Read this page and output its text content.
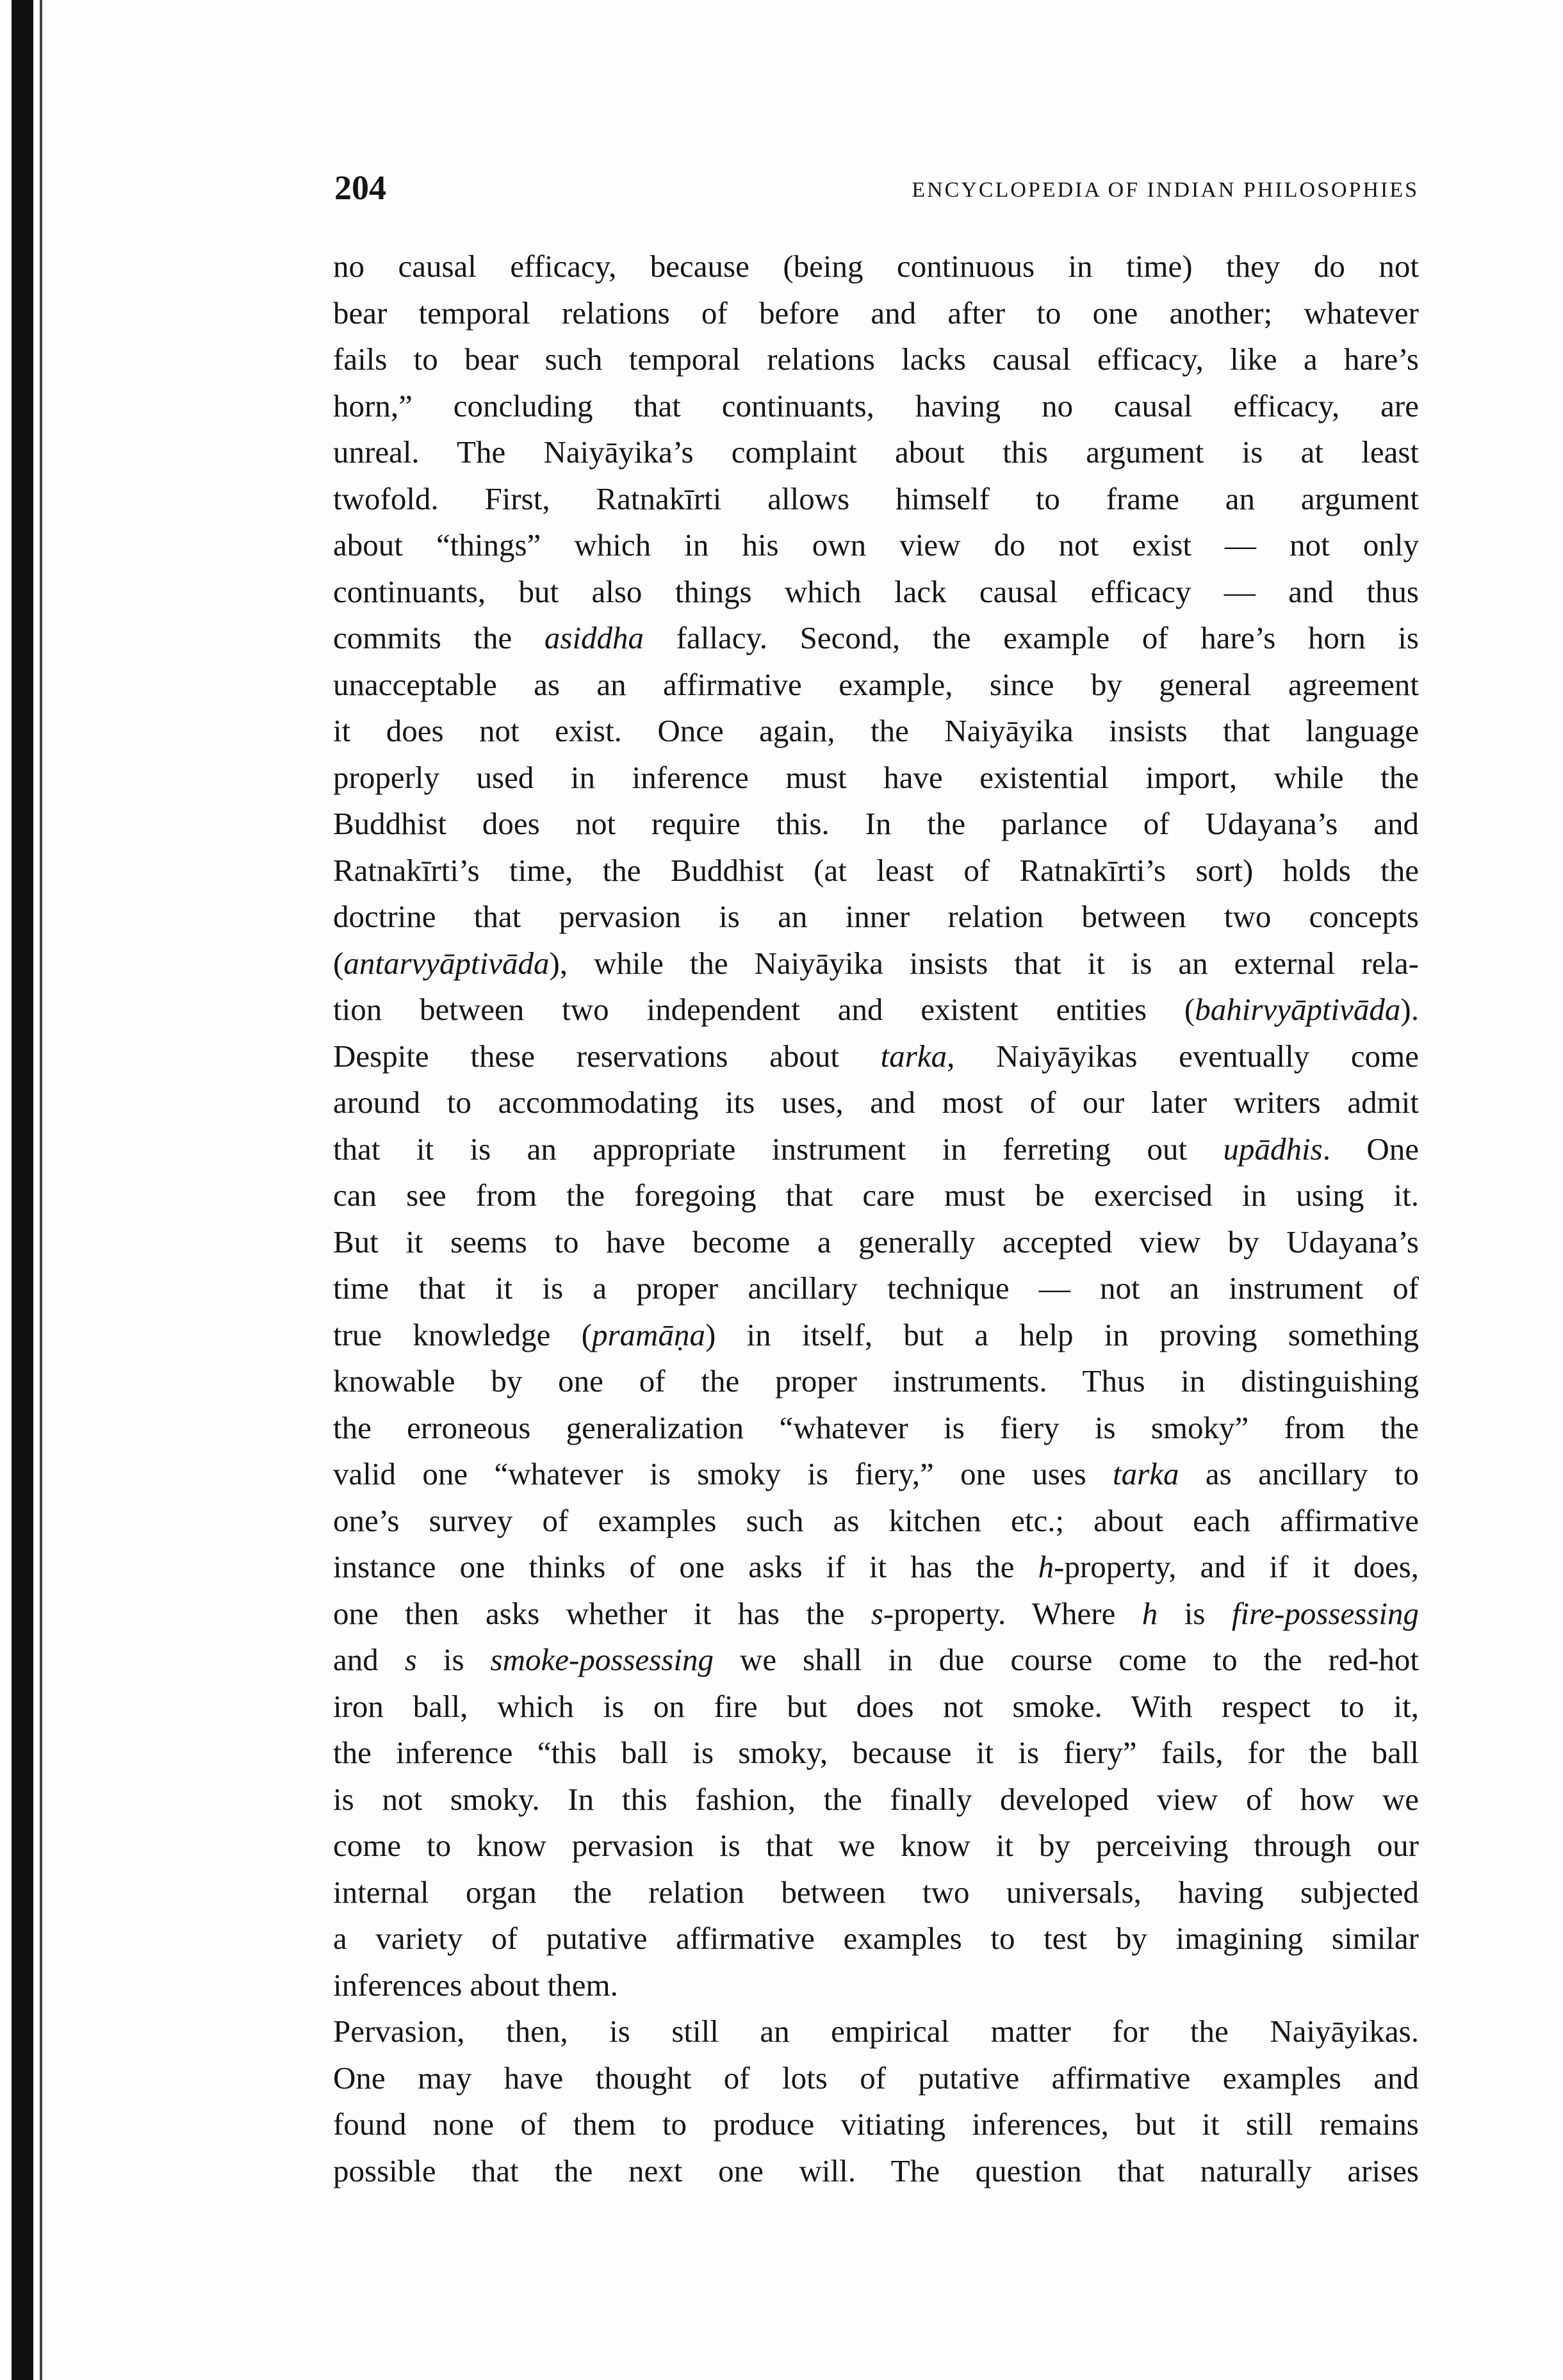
204	ENCYCLOPEDIA OF INDIAN PHILOSOPHIES
no causal efficacy, because (being continuous in time) they do not
bear temporal relations of before and after to one another; whatever
fails to bear such temporal relations lacks causal efficacy, like a hare’s
horn,” concluding that continuants, having no causal efficacy, are
unreal. The Naiyāyika’s complaint about this argument is at least
twofold. First, Ratnakīrti allows himself to frame an argument
about “things” which in his own view do not exist — not only
continuants, but also things which lack causal efficacy — and thus
commits the asiddha fallacy. Second, the example of hare’s horn is
unacceptable as an affirmative example, since by general agreement
it does not exist. Once again, the Naiyāyika insists that language
properly used in inference must have existential import, while the
Buddhist does not require this. In the parlance of Udayana’s and
Ratnakīrti’s time, the Buddhist (at least of Ratnakīrti’s sort) holds the
doctrine that pervasion is an inner relation between two concepts
(antarvyāptivāda), while the Naiyāyika insists that it is an external rela-
tion between two independent and existent entities (bahirvyāptivāda).
Despite these reservations about tarka, Naiyāyikas eventually come
around to accommodating its uses, and most of our later writers admit
that it is an appropriate instrument in ferreting out upādhis. One
can see from the foregoing that care must be exercised in using it.
But it seems to have become a generally accepted view by Udayana’s
time that it is a proper ancillary technique — not an instrument of
true knowledge (pramāṇa) in itself, but a help in proving something
knowable by one of the proper instruments. Thus in distinguishing
the erroneous generalization “whatever is fiery is smoky” from the
valid one “whatever is smoky is fiery,” one uses tarka as ancillary to
one’s survey of examples such as kitchen etc.; about each affirmative
instance one thinks of one asks if it has the h-property, and if it does,
one then asks whether it has the s-property. Where h is fire-possessing
and s is smoke-possessing we shall in due course come to the red-hot
iron ball, which is on fire but does not smoke. With respect to it,
the inference “this ball is smoky, because it is fiery” fails, for the ball
is not smoky. In this fashion, the finally developed view of how we
come to know pervasion is that we know it by perceiving through our
internal organ the relation between two universals, having subjected
a variety of putative affirmative examples to test by imagining similar
inferences about them.
Pervasion, then, is still an empirical matter for the Naiyāyikas.
One may have thought of lots of putative affirmative examples and
found none of them to produce vitiating inferences, but it still remains
possible that the next one will. The question that naturally arises
